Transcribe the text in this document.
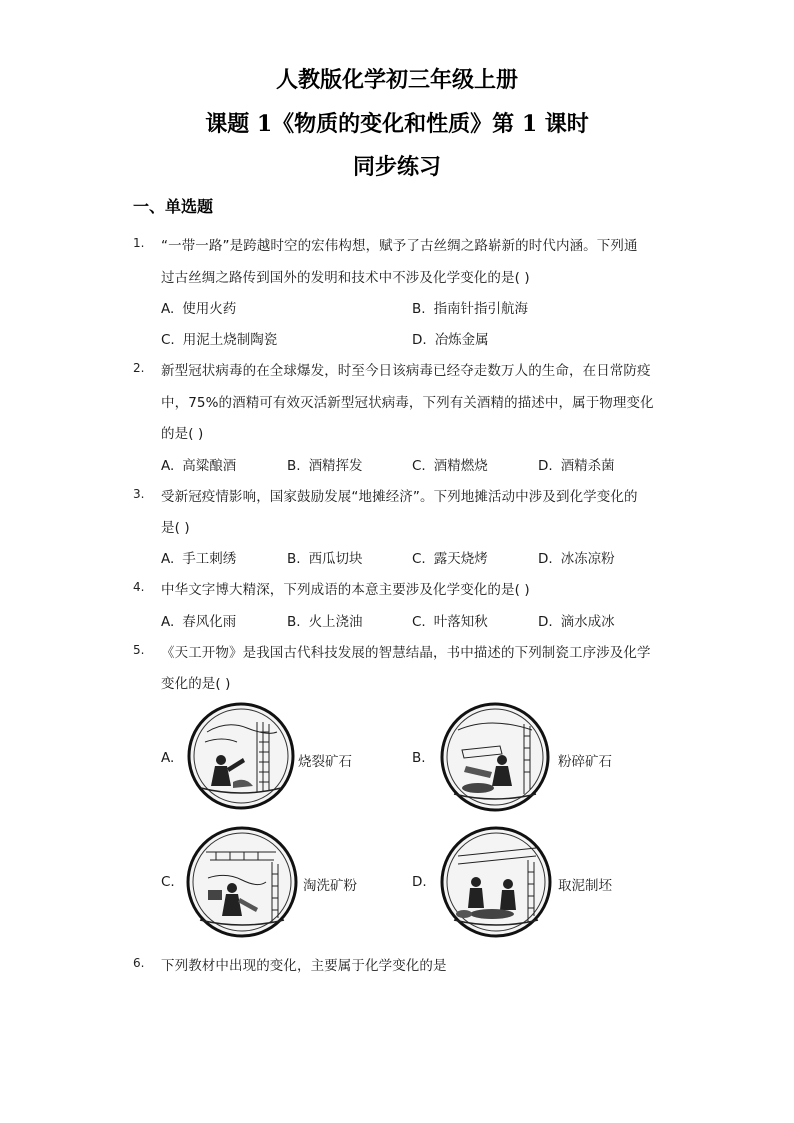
人教版化学初三年级上册
课题 1《物质的变化和性质》第 1 课时
同步练习
一、单选题
1. “一带一路”是跨越时空的宏伟构想，赋予了古丝绸之路崭新的时代内涵。下列通
过古丝绸之路传到国外的发明和技术中不涉及化学变化的是( )
A. 使用火药	B. 指南针指引航海
C. 用泥土烧制陶瓷	D. 冶炼金属
2. 新型冠状病毒的在全球爆发，时至今日该病毒已经夺走数万人的生命，在日常防疫
中，75%的酒精可有效灭活新型冠状病毒，下列有关酒精的描述中，属于物理变化
的是( )
A. 高粱酿酒	B. 酒精挥发	C. 酒精燃烧	D. 酒精杀菌
3. 受新冠疫情影响，国家鼓励发展“地摊经济”。下列地摊活动中涉及到化学变化的
是( )
A. 手工刺绣	B. 西瓜切块	C. 露天烧烤	D. 冰冻凉粉
4. 中华文字博大精深，下列成语的本意主要涉及化学变化的是( )
A. 春风化雨	B. 火上浇油	C. 叶落知秋	D. 滴水成冰
5. 《天工开物》是我国古代科技发展的智慧结晶，书中描述的下列制瓷工序涉及化学
变化的是( )
A.	烧裂矿石	B.	粉碎矿石
C.	淘洗矿粉	D.	取泥制坯
6. 下列教材中出现的变化，主要属于化学变化的是
